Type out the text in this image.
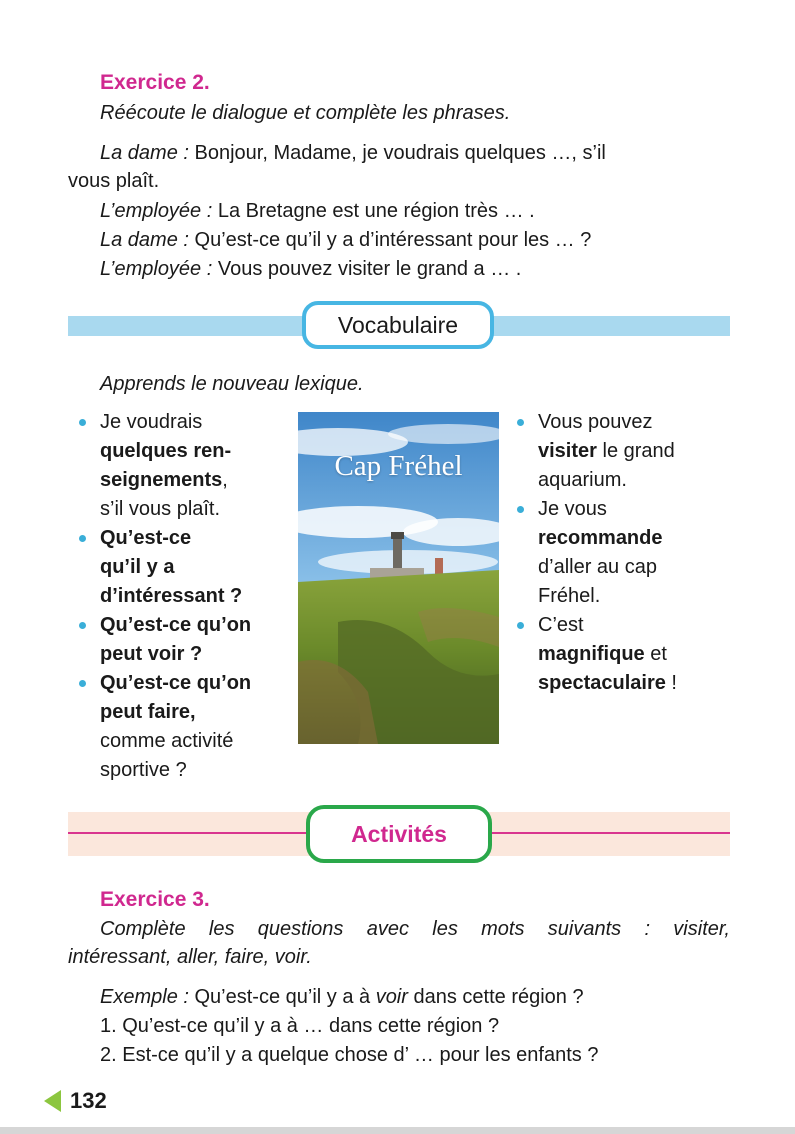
Exercice 2.
Réécoute le dialogue et complète les phrases.
La dame : Bonjour, Madame, je voudrais quelques …, s’il
vous plaît.
L’employée : La Bretagne est une région très … .
La dame : Qu’est-ce qu’il y a d’intéressant pour les … ?
L’employée : Vous pouvez visiter le grand a … .
Vocabulaire
Apprends le nouveau lexique.
Je voudrais
quelques ren-
seignements,
s’il vous plaît.
Qu’est-ce
qu’il y a
d’intéressant ?
Qu’est-ce qu’on
peut voir ?
Qu’est-ce qu’on
peut faire,
comme activité
sportive ?
Cap Fréhel
Vous pouvez
visiter le grand
aquarium.
Je vous
recommande
d’aller au cap
Fréhel.
C’est
magnifique et
spectaculaire !
Activités
Exercice 3.
Complète les questions avec les mots suivants : visiter,
intéressant, aller, faire, voir.
Exemple : Qu’est-ce qu’il y a à voir dans cette région ?
1. Qu’est-ce qu’il y a à … dans cette région ?
2. Est-ce qu’il y a quelque chose d’ … pour les enfants ?
132
